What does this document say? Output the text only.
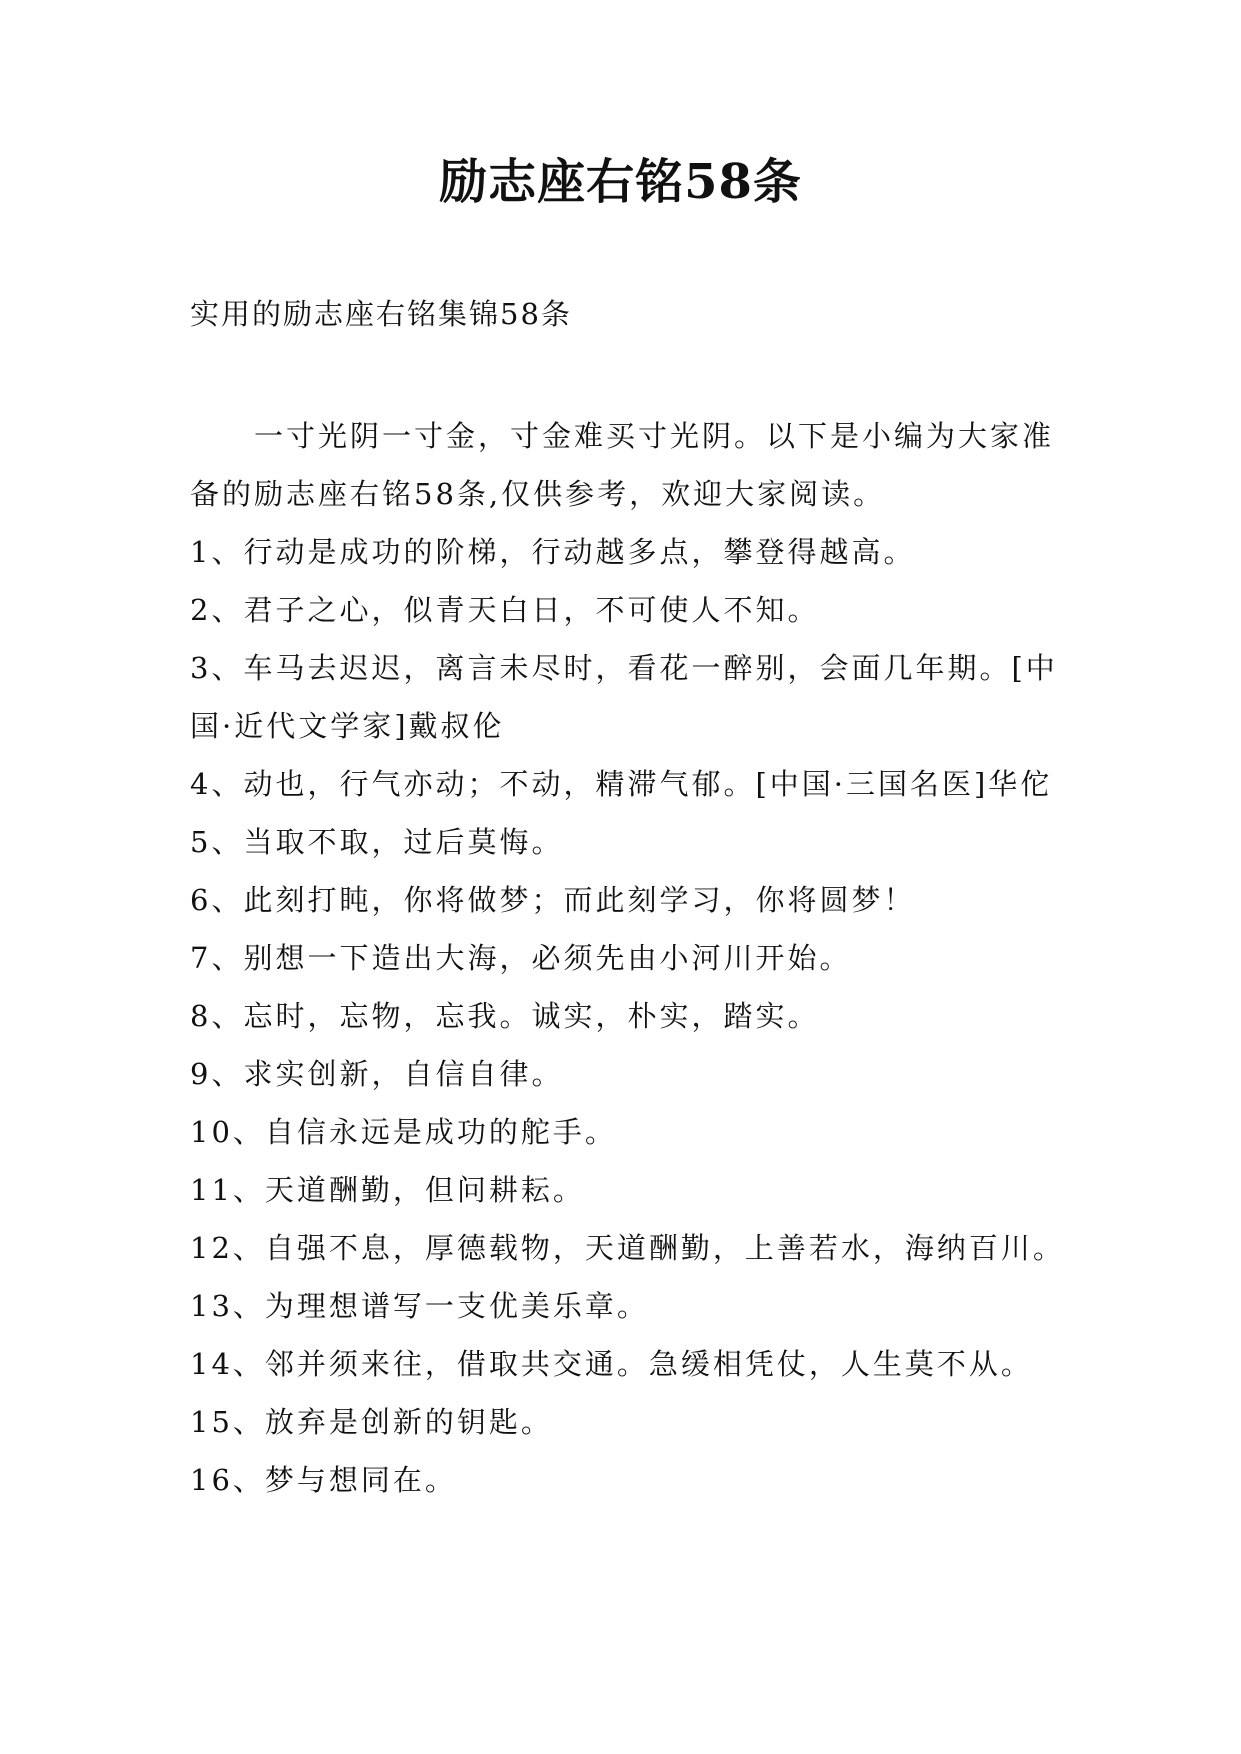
励志座右铭58条
实用的励志座右铭集锦58条

一寸光阴一寸金，寸金难买寸光阴。以下是小编为大家准备的励志座右铭58条,仅供参考，欢迎大家阅读。

1、行动是成功的阶梯，行动越多点，攀登得越高。

2、君子之心，似青天白日，不可使人不知。

3、车马去迟迟，离言未尽时，看花一醉别，会面几年期。[中国·近代文学家]戴叔伦

4、动也，行气亦动；不动，精滞气郁。[中国·三国名医]华佗

5、当取不取，过后莫悔。

6、此刻打盹，你将做梦；而此刻学习，你将圆梦！

7、别想一下造出大海，必须先由小河川开始。

8、忘时，忘物，忘我。诚实，朴实，踏实。

9、求实创新，自信自律。

10、自信永远是成功的舵手。

11、天道酬勤，但问耕耘。

12、自强不息，厚德载物，天道酬勤，上善若水，海纳百川。

13、为理想谱写一支优美乐章。

14、邻并须来往，借取共交通。急缓相凭仗，人生莫不从。

15、放弃是创新的钥匙。

16、梦与想同在。
